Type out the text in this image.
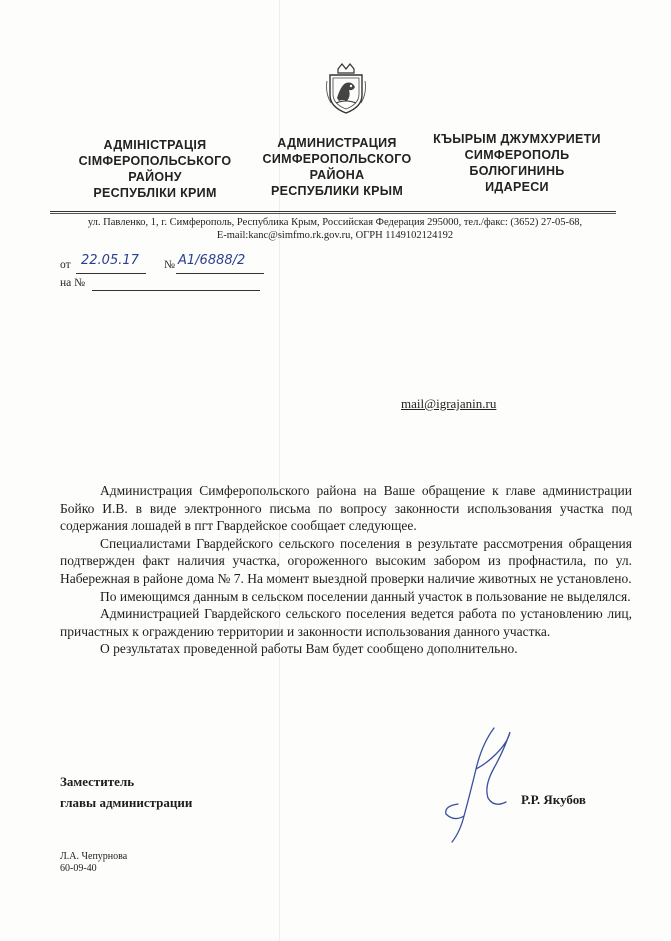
АДМІНІСТРАЦІЯ
СІМФЕРОПОЛЬСЬКОГО
РАЙОНУ
РЕСПУБЛІКИ КРИМ
АДМИНИСТРАЦИЯ
СИМФЕРОПОЛЬСКОГО
РАЙОНА
РЕСПУБЛИКИ КРЫМ
КЪЫРЫМ ДЖУМХУРИЕТИ
СИМФЕРОПОЛЬ
БОЛЮГИНИНЬ
ИДАРЕСИ
ул. Павленко, 1, г. Симферополь, Республика Крым, Российская Федерация 295000, тел./факс: (3652) 27-05-68,
E-mail:kanc@simfmo.rk.gov.ru, ОГРН 1149102124192
от 22.05.17 № А1/6888/2
на №
mail@igrajanin.ru

Администрация Симферопольского района на Ваше обращение к главе администрации Бойко И.В. в виде электронного письма по вопросу законности использования участка под содержания лошадей в пгт Гвардейское сообщает следующее.

Специалистами Гвардейского сельского поселения в результате рассмотрения обращения подтвержден факт наличия участка, огороженного высоким забором из профнастила, по ул. Набережная в районе дома № 7. На момент выездной проверки наличие животных не установлено.

По имеющимся данным в сельском поселении данный участок в пользование не выделялся.

Администрацией Гвардейского сельского поселения ведется работа по установлению лиц, причастных к ограждению территории и законности использования данного участка.

О результатах проведенной работы Вам будет сообщено дополнительно.

Заместитель
главы администрации	Р.Р. Якубов
Л.А. Чепурнова
60-09-40
